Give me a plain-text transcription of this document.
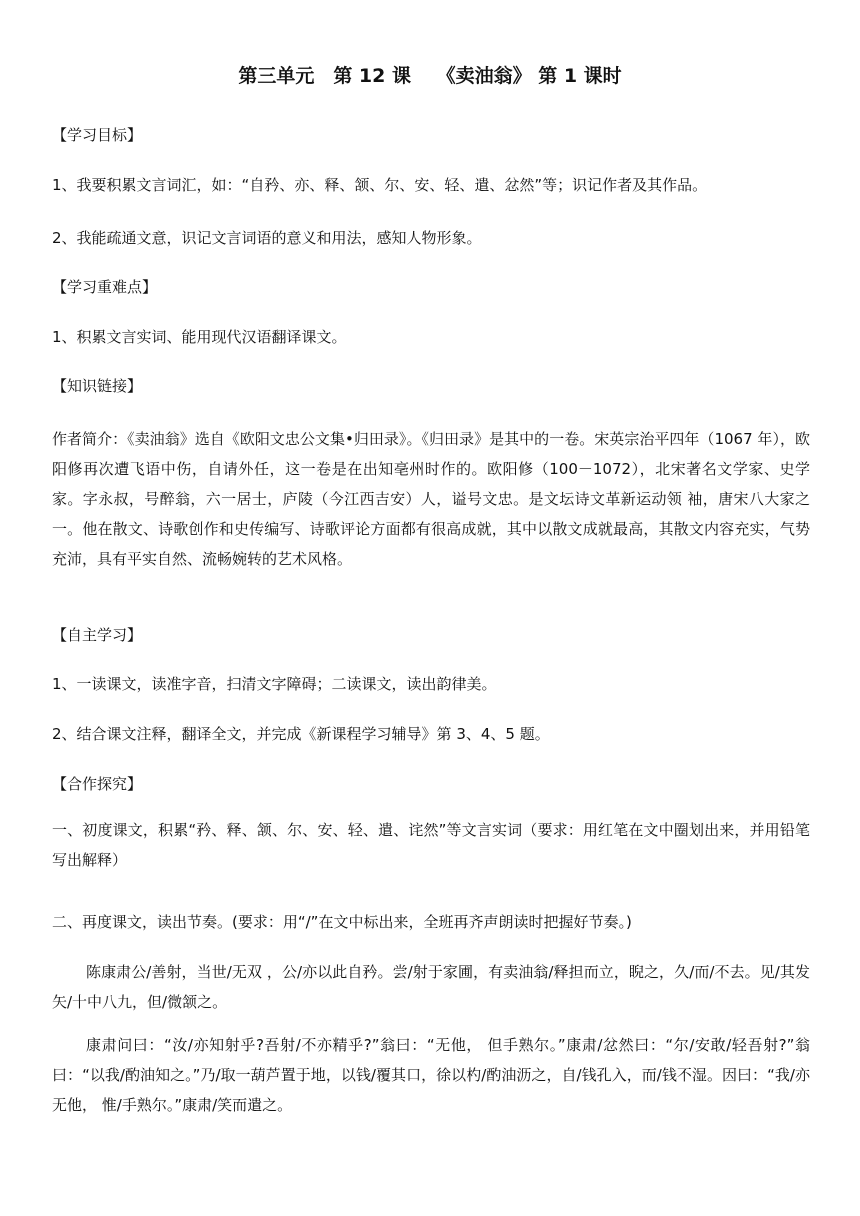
第三单元　第 12 课　 《卖油翁》 第 1 课时
【学习目标】
1、我要积累文言词汇，如：“自矜、亦、释、颔、尔、安、轻、遣、忿然”等；识记作者及其作品。
2、我能疏通文意，识记文言词语的意义和用法，感知人物形象。
【学习重难点】
1、积累文言实词、能用现代汉语翻译课文。
【知识链接】
作者简介：《卖油翁》选自《欧阳文忠公文集•归田录》。《归田录》是其中的一卷。宋英宗治平四年（1067 年），欧阳修再次遭飞语中伤，自请外任，这一卷是在出知亳州时作的。欧阳修（100－1072），北宋著名文学家、史学家。字永叔，号醉翁，六一居士，庐陵（今江西吉安）人，谥号文忠。是文坛诗文革新运动领 袖，唐宋八大家之一。他在散文、诗歌创作和史传编写、诗歌评论方面都有很高成就，其中以散文成就最高，其散文内容充实，气势充沛，具有平实自然、流畅婉转的艺术风格。
【自主学习】
1、一读课文，读准字音，扫清文字障碍；二读课文，读出韵律美。
2、结合课文注释，翻译全文，并完成《新课程学习辅导》第 3、4、5 题。
【合作探究】
一、初度课文，积累“矜、释、颔、尔、安、轻、遣、诧然”等文言实词（要求：用红笔在文中圈划出来，并用铅笔写出解释）
二、再度课文，读出节奏。(要求：用“/”在文中标出来，全班再齐声朗读时把握好节奏。)
陈康肃公/善射，当世/无双 ，公/亦以此自矜。尝/射于家圃，有卖油翁/释担而立，睨之，久/而/不去。见/其发矢/十中八九，但/微颔之。
康肃问曰：“汝/亦知射乎?吾射/不亦精乎?”翁曰：“无他， 但手熟尔。”康肃/忿然曰：“尔/安敢/轻吾射?”翁曰：“以我/酌油知之。”乃/取一葫芦置于地，以钱/覆其口，徐以杓/酌油沥之，自/钱孔入，而/钱不湿。因曰：“我/亦无他， 惟/手熟尔。”康肃/笑而遣之。
